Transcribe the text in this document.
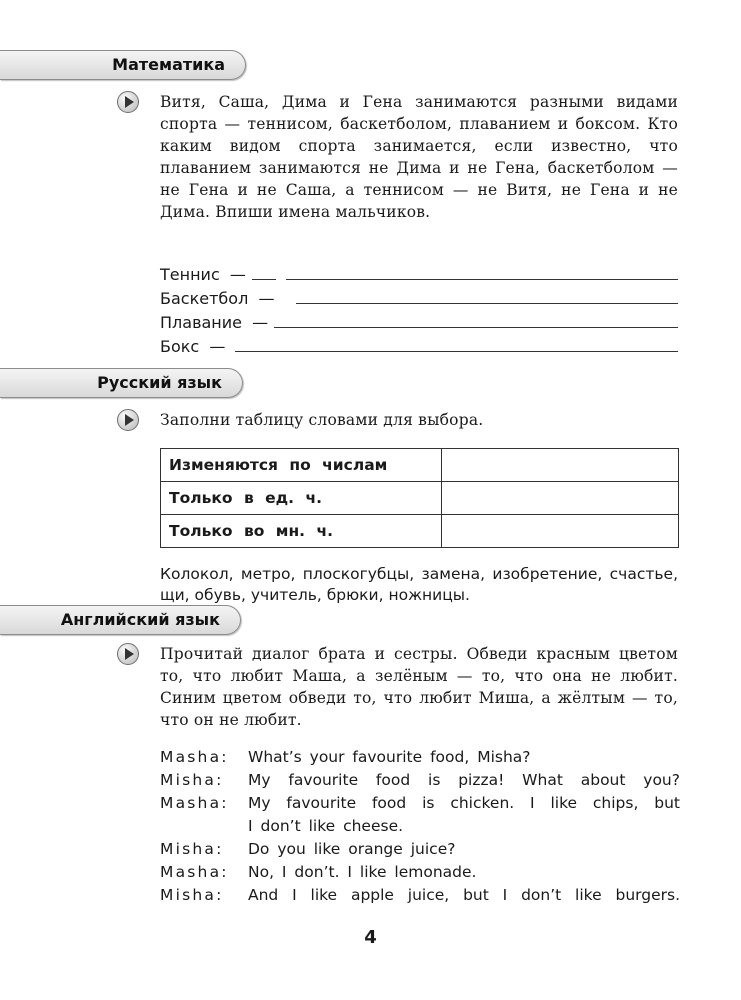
Математика
Витя, Саша, Дима и Гена занимаются разными видами спорта — теннисом, баскетболом, плаванием и боксом. Кто каким видом спорта занимается, если известно, что плаванием занимаются не Дима и не Гена, баскетболом — не Гена и не Саша, а теннисом — не Витя, не Гена и не Дима. Впиши имена мальчиков.
Теннис  —
Баскетбол  —
Плавание  —
Бокс  —
Русский язык
Заполни таблицу словами для выбора.
Изменяются по числам	
Только в ед. ч.	
Только во мн. ч.	
Колокол, метро, плоскогубцы, замена, изобретение, счастье, щи, обувь, учитель, брюки, ножницы.
Английский язык
Прочитай диалог брата и сестры. Обведи красным цветом то, что любит Маша, а зелёным — то, что она не любит. Синим цветом обведи то, что любит Миша, а жёлтым — то, что он не любит.
Masha:	What’s your favourite food, Misha?
Misha:	My favourite food is pizza! What about you?
Masha:	My favourite food is chicken. I like chips, but
I don’t like cheese.
Misha:	Do you like orange juice?
Masha:	No, I don’t. I like lemonade.
Misha:	And I like apple juice, but I don’t like burgers.
4
